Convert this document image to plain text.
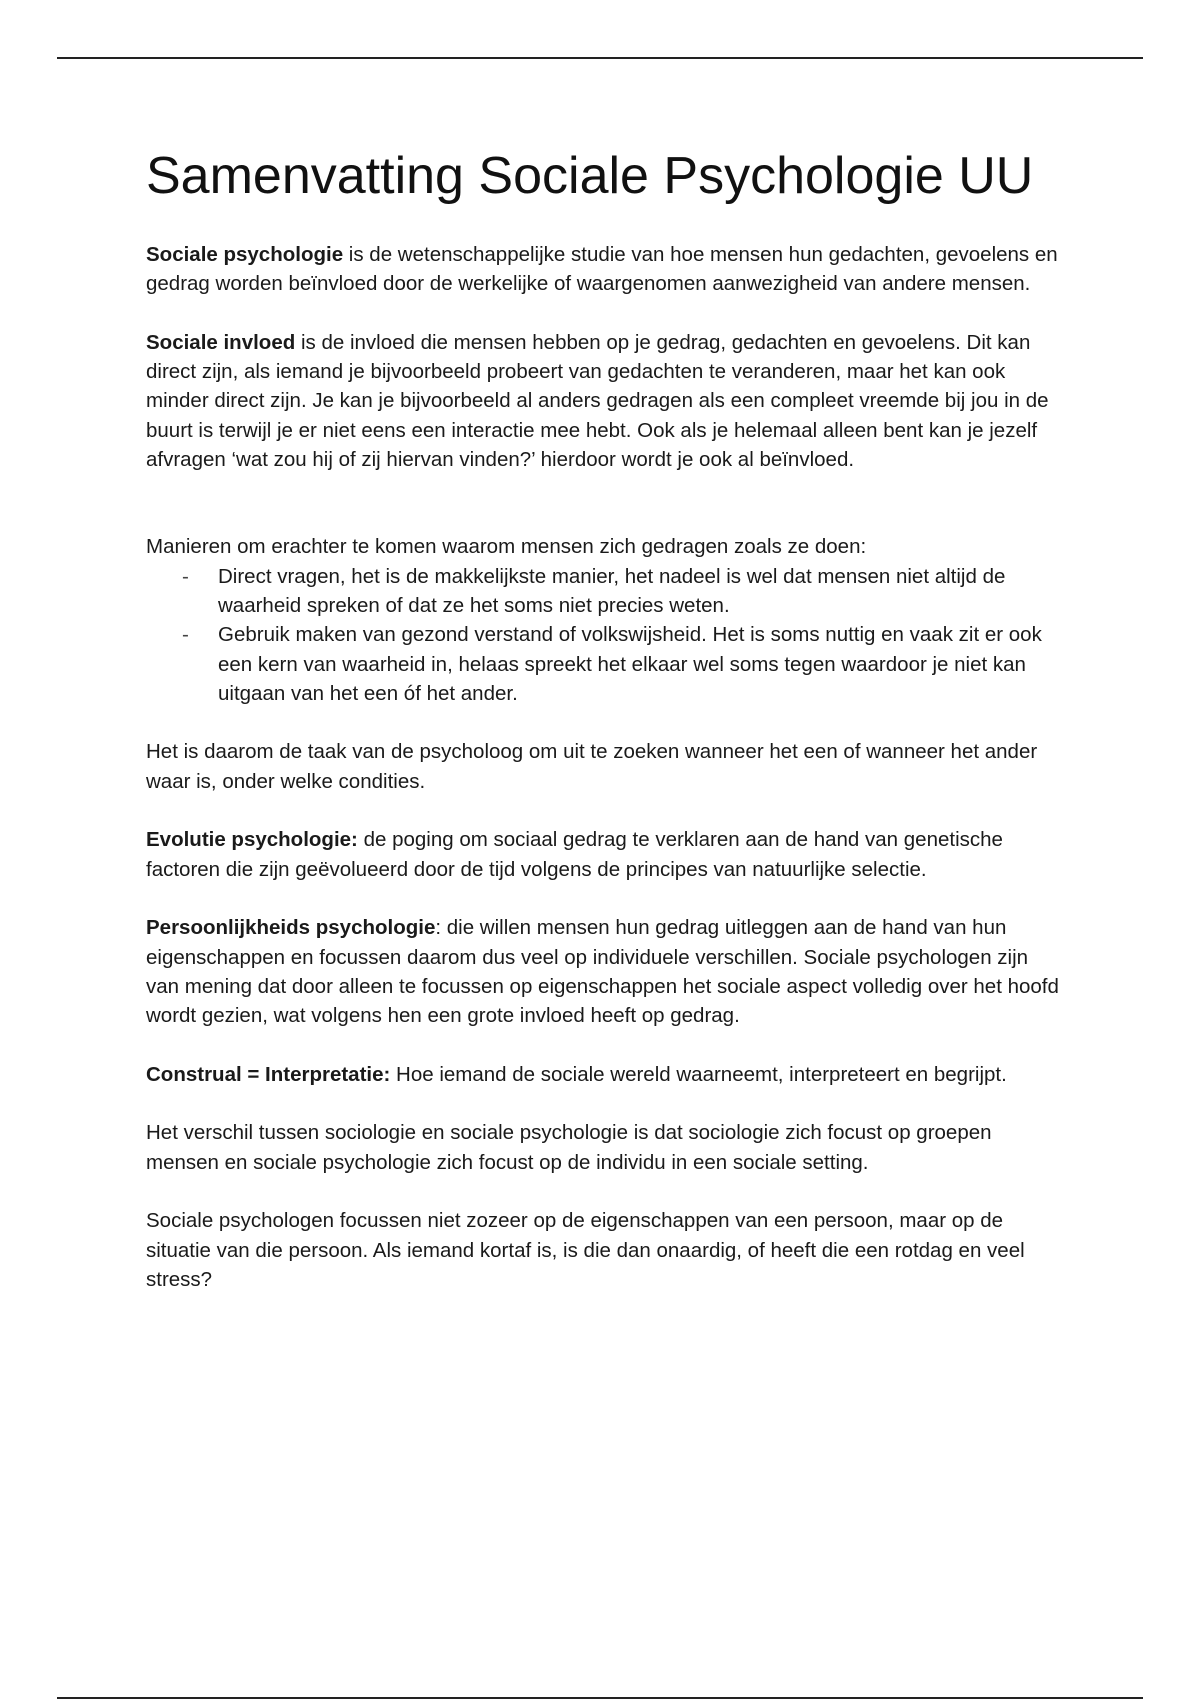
Samenvatting Sociale Psychologie UU

Sociale psychologie is de wetenschappelijke studie van hoe mensen hun gedachten, gevoelens en gedrag worden beïnvloed door de werkelijke of waargenomen aanwezigheid van andere mensen.

Sociale invloed is de invloed die mensen hebben op je gedrag, gedachten en gevoelens. Dit kan direct zijn, als iemand je bijvoorbeeld probeert van gedachten te veranderen, maar het kan ook minder direct zijn. Je kan je bijvoorbeeld al anders gedragen als een compleet vreemde bij jou in de buurt is terwijl je er niet eens een interactie mee hebt. Ook als je helemaal alleen bent kan je jezelf afvragen ‘wat zou hij of zij hiervan vinden?’ hierdoor wordt je ook al beïnvloed.

Manieren om erachter te komen waarom mensen zich gedragen zoals ze doen:

- Direct vragen, het is de makkelijkste manier, het nadeel is wel dat mensen niet altijd de waarheid spreken of dat ze het soms niet precies weten.
- Gebruik maken van gezond verstand of volkswijsheid. Het is soms nuttig en vaak zit er ook een kern van waarheid in, helaas spreekt het elkaar wel soms tegen waardoor je niet kan uitgaan van het een óf het ander.

Het is daarom de taak van de psycholoog om uit te zoeken wanneer het een of wanneer het ander waar is, onder welke condities.

Evolutie psychologie: de poging om sociaal gedrag te verklaren aan de hand van genetische factoren die zijn geëvolueerd door de tijd volgens de principes van natuurlijke selectie.

Persoonlijkheids psychologie: die willen mensen hun gedrag uitleggen aan de hand van hun eigenschappen en focussen daarom dus veel op individuele verschillen. Sociale psychologen zijn van mening dat door alleen te focussen op eigenschappen het sociale aspect volledig over het hoofd wordt gezien, wat volgens hen een grote invloed heeft op gedrag.

Construal = Interpretatie: Hoe iemand de sociale wereld waarneemt, interpreteert en begrijpt.

Het verschil tussen sociologie en sociale psychologie is dat sociologie zich focust op groepen mensen en sociale psychologie zich focust op de individu in een sociale setting.

Sociale psychologen focussen niet zozeer op de eigenschappen van een persoon, maar op de situatie van die persoon. Als iemand kortaf is, is die dan onaardig, of heeft die een rotdag en veel stress?
